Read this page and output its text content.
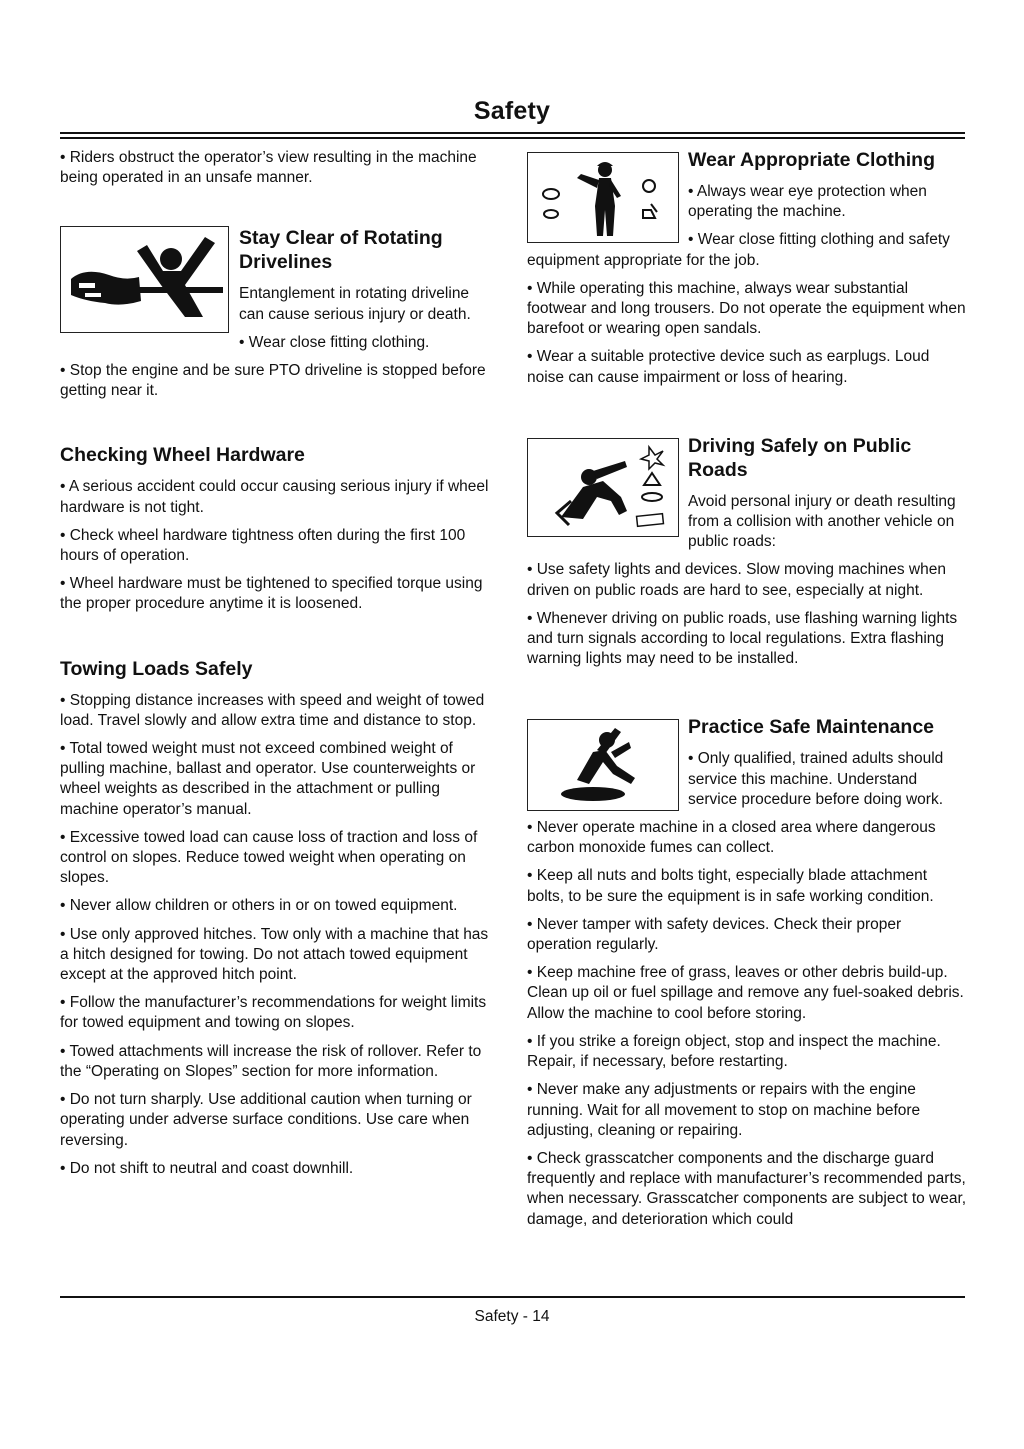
Safety

• Riders obstruct the operator’s view resulting in the machine being operated in an unsafe manner.

Stay Clear of Rotating Drivelines

Entanglement in rotating driveline can cause serious injury or death.

• Wear close fitting clothing.

• Stop the engine and be sure PTO driveline is stopped before getting near it.

Checking Wheel Hardware

• A serious accident could occur causing serious injury if wheel hardware is not tight.

• Check wheel hardware tightness often during the first 100 hours of operation.

• Wheel hardware must be tightened to specified torque using the proper procedure anytime it is loosened.

Towing Loads Safely

• Stopping distance increases with speed and weight of towed load. Travel slowly and allow extra time and distance to stop.

• Total towed weight must not exceed combined weight of pulling machine, ballast and operator. Use counterweights or wheel weights as described in the attachment or pulling machine operator’s manual.

• Excessive towed load can cause loss of traction and loss of control on slopes. Reduce towed weight when operating on slopes.

• Never allow children or others in or on towed equipment.

• Use only approved hitches. Tow only with a machine that has a hitch designed for towing. Do not attach towed equipment except at the approved hitch point.

• Follow the manufacturer’s recommendations for weight limits for towed equipment and towing on slopes.

• Towed attachments will increase the risk of rollover. Refer to the “Operating on Slopes” section for more information.

• Do not turn sharply. Use additional caution when turning or operating under adverse surface conditions. Use care when reversing.

• Do not shift to neutral and coast downhill.

Wear Appropriate Clothing

• Always wear eye protection when operating the machine.

• Wear close fitting clothing and safety equipment appropriate for the job.

• While operating this machine, always wear substantial footwear and long trousers. Do not operate the equipment when barefoot or wearing open sandals.

• Wear a suitable protective device such as earplugs. Loud noise can cause impairment or loss of hearing.

Driving Safely on Public Roads

Avoid personal injury or death resulting from a collision with another vehicle on public roads:

• Use safety lights and devices. Slow moving machines when driven on public roads are hard to see, especially at night.

• Whenever driving on public roads, use flashing warning lights and turn signals according to local regulations. Extra flashing warning lights may need to be installed.

Practice Safe Maintenance

• Only qualified, trained adults should service this machine. Understand service procedure before doing work.

• Never operate machine in a closed area where dangerous carbon monoxide fumes can collect.

• Keep all nuts and bolts tight, especially blade attachment bolts, to be sure the equipment is in safe working condition.

• Never tamper with safety devices. Check their proper operation regularly.

• Keep machine free of grass, leaves or other debris build-up. Clean up oil or fuel spillage and remove any fuel-soaked debris. Allow the machine to cool before storing.

• If you strike a foreign object, stop and inspect the machine. Repair, if necessary, before restarting.

• Never make any adjustments or repairs with the engine running. Wait for all movement to stop on machine before adjusting, cleaning or repairing.

• Check grasscatcher components and the discharge guard frequently and replace with manufacturer’s recommended parts, when necessary. Grasscatcher components are subject to wear, damage, and deterioration which could

Safety - 14
